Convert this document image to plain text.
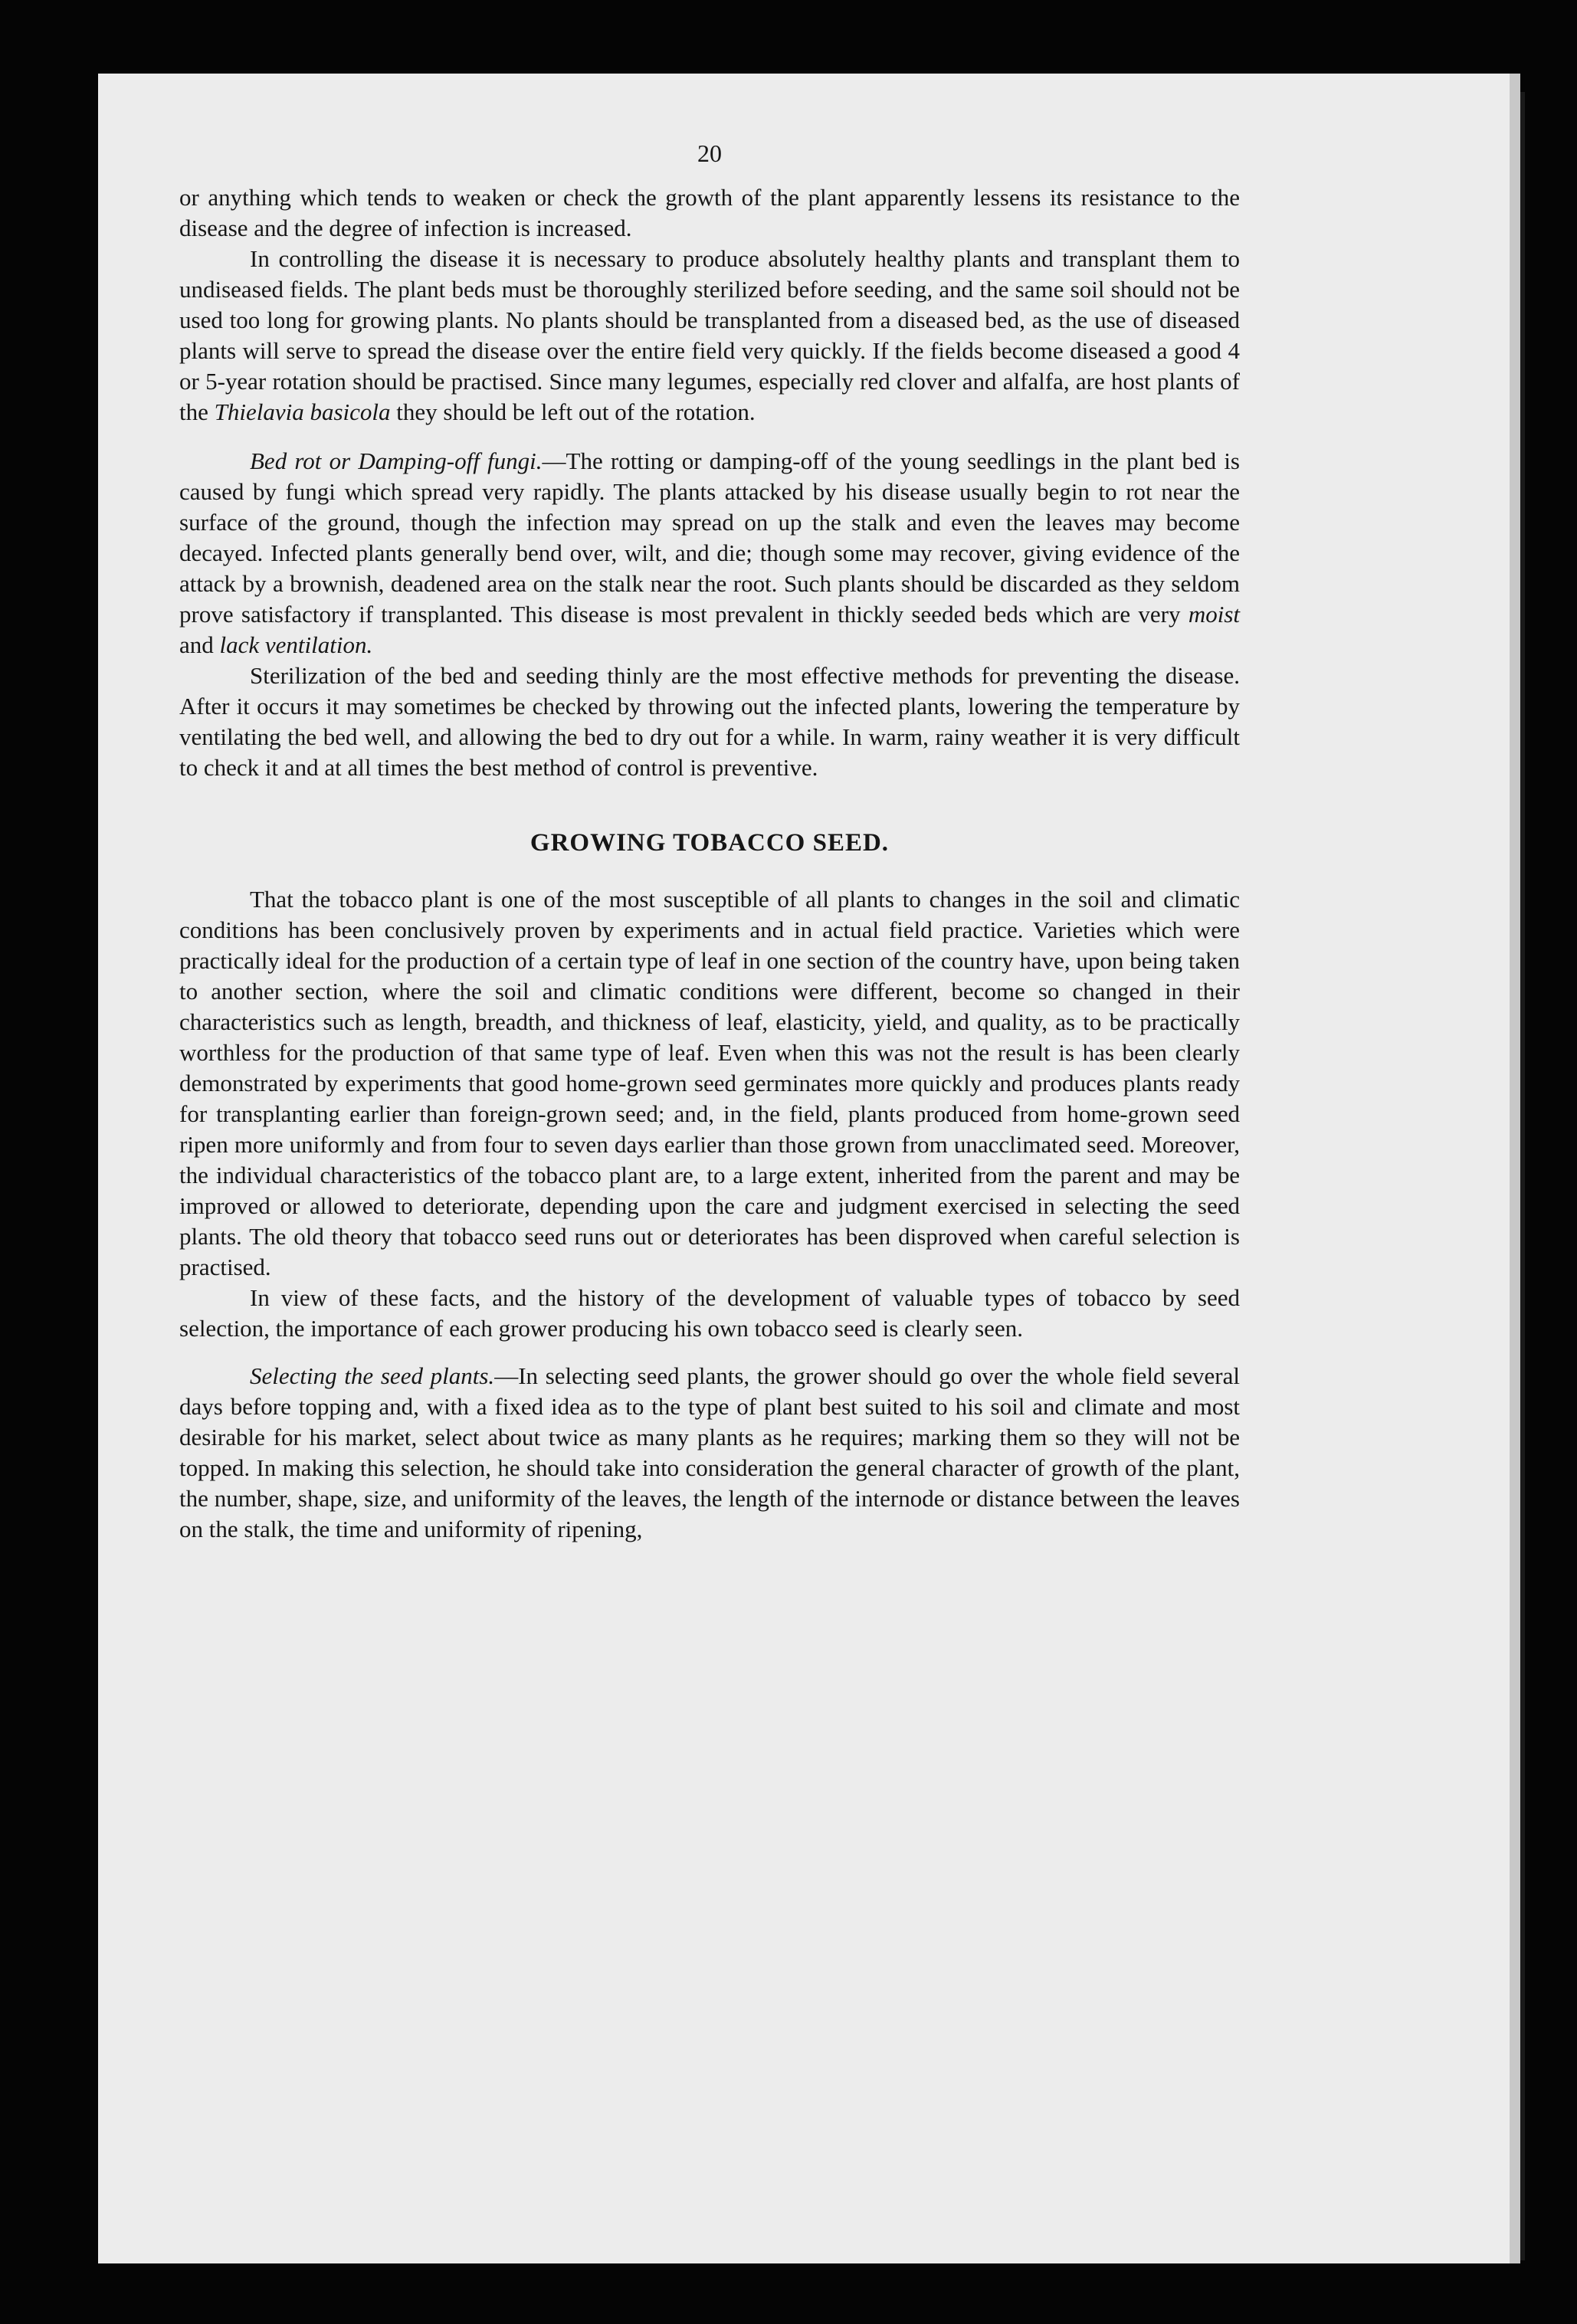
20

or anything which tends to weaken or check the growth of the plant apparently lessens its resistance to the disease and the degree of infection is increased.

In controlling the disease it is necessary to produce absolutely healthy plants and transplant them to undiseased fields. The plant beds must be thoroughly sterilized before seeding, and the same soil should not be used too long for growing plants. No plants should be transplanted from a diseased bed, as the use of diseased plants will serve to spread the disease over the entire field very quickly. If the fields become diseased a good 4 or 5-year rotation should be practised. Since many legumes, especially red clover and alfalfa, are host plants of the Thielavia basicola they should be left out of the rotation.

Bed rot or Damping-off fungi.—The rotting or damping-off of the young seedlings in the plant bed is caused by fungi which spread very rapidly. The plants attacked by his disease usually begin to rot near the surface of the ground, though the infection may spread on up the stalk and even the leaves may become decayed. Infected plants generally bend over, wilt, and die; though some may recover, giving evidence of the attack by a brownish, deadened area on the stalk near the root. Such plants should be discarded as they seldom prove satisfactory if transplanted. This disease is most prevalent in thickly seeded beds which are very moist and lack ventilation.

Sterilization of the bed and seeding thinly are the most effective methods for preventing the disease. After it occurs it may sometimes be checked by throwing out the infected plants, lowering the temperature by ventilating the bed well, and allowing the bed to dry out for a while. In warm, rainy weather it is very difficult to check it and at all times the best method of control is preventive.

GROWING TOBACCO SEED.

That the tobacco plant is one of the most susceptible of all plants to changes in the soil and climatic conditions has been conclusively proven by experiments and in actual field practice. Varieties which were practically ideal for the production of a certain type of leaf in one section of the country have, upon being taken to another section, where the soil and climatic conditions were different, become so changed in their characteristics such as length, breadth, and thickness of leaf, elasticity, yield, and quality, as to be practically worthless for the production of that same type of leaf. Even when this was not the result is has been clearly demonstrated by experiments that good home-grown seed germinates more quickly and produces plants ready for transplanting earlier than foreign-grown seed; and, in the field, plants produced from home-grown seed ripen more uniformly and from four to seven days earlier than those grown from unacclimated seed. Moreover, the individual characteristics of the tobacco plant are, to a large extent, inherited from the parent and may be improved or allowed to deteriorate, depending upon the care and judgment exercised in selecting the seed plants. The old theory that tobacco seed runs out or deteriorates has been disproved when careful selection is practised.

In view of these facts, and the history of the development of valuable types of tobacco by seed selection, the importance of each grower producing his own tobacco seed is clearly seen.

Selecting the seed plants.—In selecting seed plants, the grower should go over the whole field several days before topping and, with a fixed idea as to the type of plant best suited to his soil and climate and most desirable for his market, select about twice as many plants as he requires; marking them so they will not be topped. In making this selection, he should take into consideration the general character of growth of the plant, the number, shape, size, and uniformity of the leaves, the length of the internode or distance between the leaves on the stalk, the time and uniformity of ripening,
